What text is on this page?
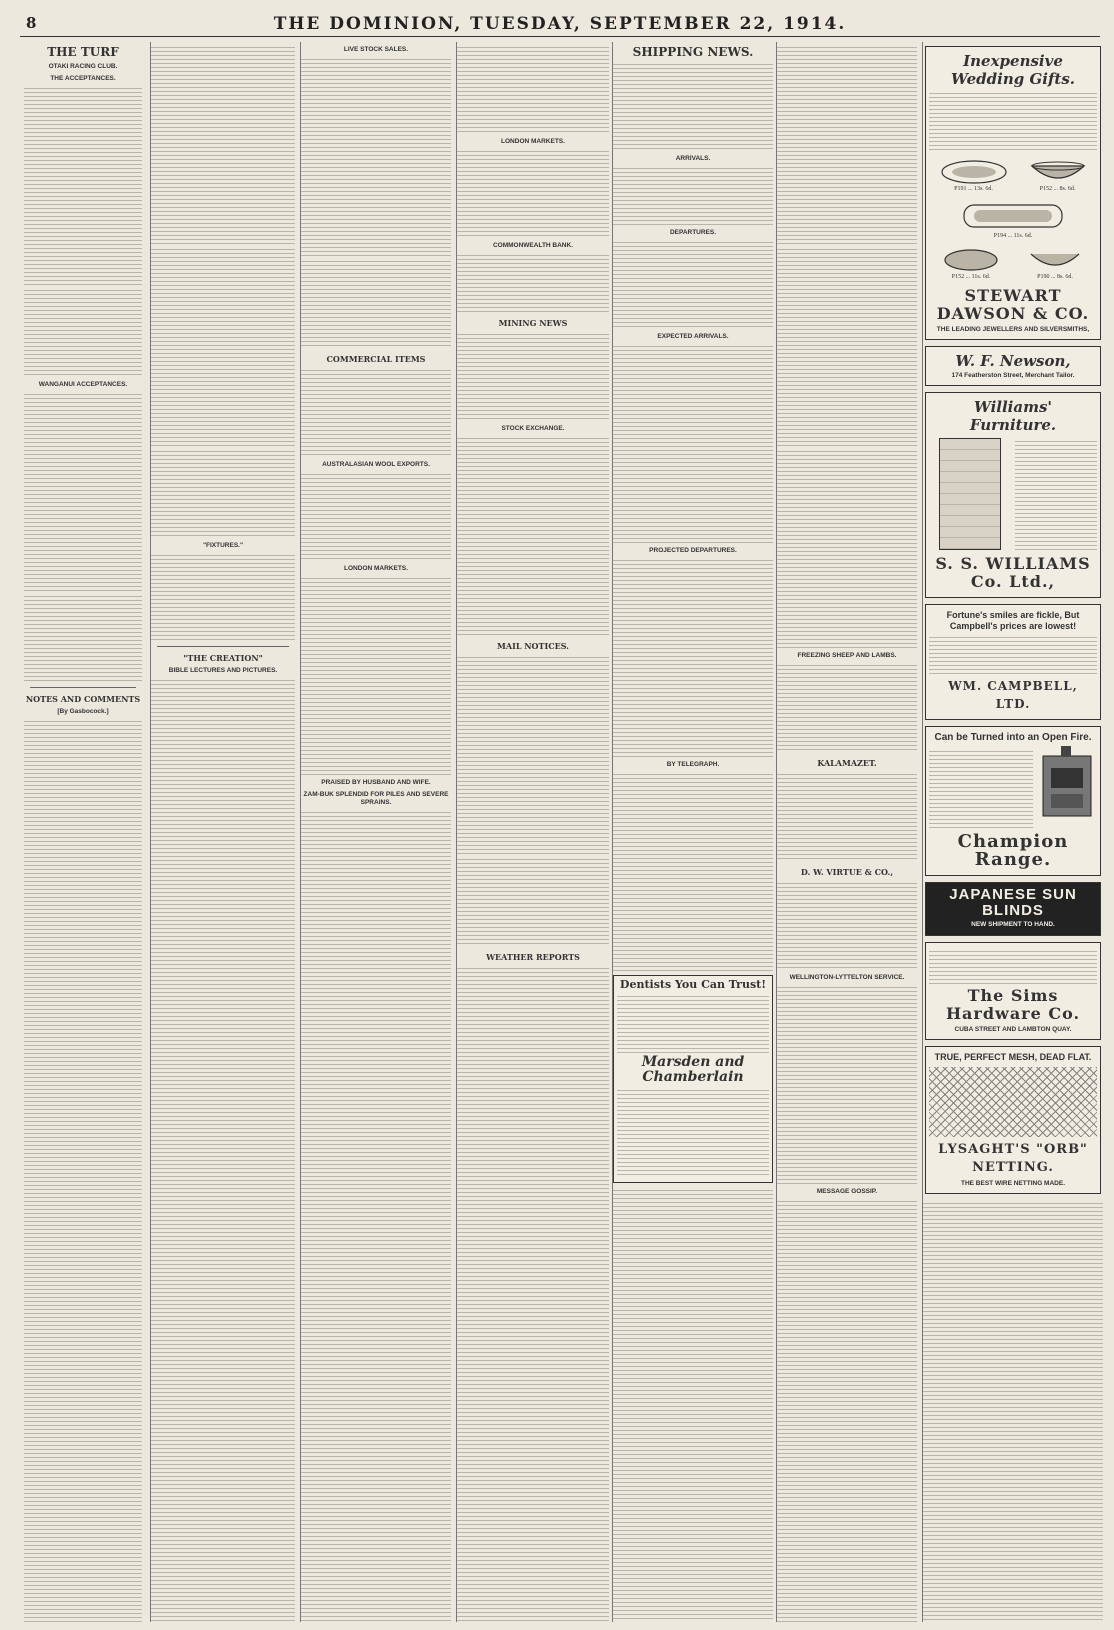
8	THE DOMINION, TUESDAY, SEPTEMBER 22, 1914.
THE TURF
OTAKI RACING CLUB.
THE ACCEPTANCES.
WANGANUI ACCEPTANCES.
NOTES AND COMMENTS
[By Gasbocock.]
"FIXTURES."
"THE CREATION"
BIBLE LECTURES AND PICTURES.
LIVE STOCK SALES.
COMMERCIAL ITEMS
AUSTRALASIAN WOOL EXPORTS.
LONDON MARKETS.
PRAISED BY HUSBAND AND WIFE.
ZAM-BUK SPLENDID FOR PILES AND SEVERE SPRAINS.
LONDON MARKETS.
COMMONWEALTH BANK.
MINING NEWS
STOCK EXCHANGE.
MAIL NOTICES.
WEATHER REPORTS
SHIPPING NEWS.
ARRIVALS.
DEPARTURES.
EXPECTED ARRIVALS.
PROJECTED DEPARTURES.
BY TELEGRAPH.
Dentists You Can Trust!
Marsden and Chamberlain
FREEZING SHEEP AND LAMBS.
KALAMAZET.
D. W. VIRTUE & CO.,
WELLINGTON-LYTTELTON SERVICE.
MESSAGE GOSSIP.
Inexpensive Wedding Gifts.
P191 ... 13s. 6d.	P152 ... 8s. 6d.
P194 ... 11s. 6d.
P152 ... 11s. 6d.	P190 ... 8s. 6d.
STEWART DAWSON & CO.
THE LEADING JEWELLERS AND SILVERSMITHS,
W. F. Newson,
174 Featherston Street, Merchant Tailor.
Williams' Furniture.
S. S. WILLIAMS Co. Ltd.,
Fortune's smiles are fickle, But Campbell's prices are lowest!
WM. CAMPBELL, LTD.
Can be Turned into an Open Fire.
Champion Range.
JAPANESE SUN BLINDS
NEW SHIPMENT TO HAND.
The Sims Hardware Co.
CUBA STREET AND LAMBTON QUAY.
TRUE, PERFECT MESH, DEAD FLAT.
LYSAGHT'S "ORB" NETTING.
THE BEST WIRE NETTING MADE.
